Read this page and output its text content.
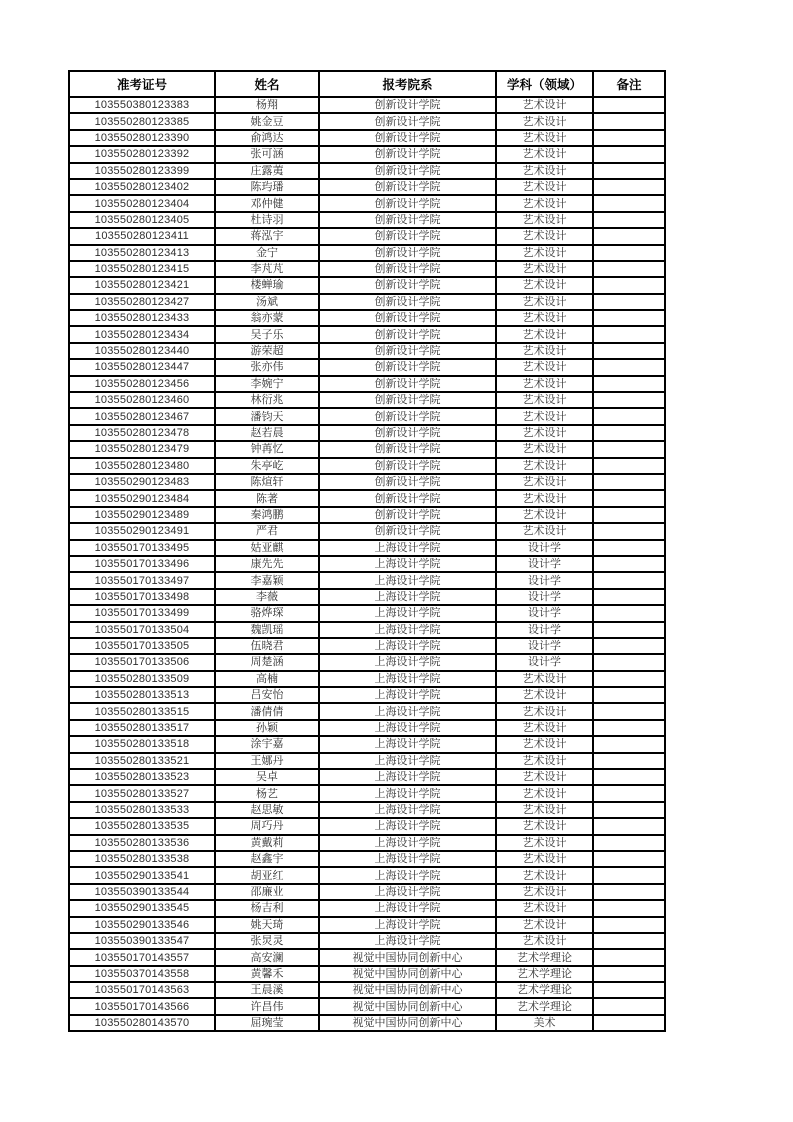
准考证号	姓名	报考院系	学科（领域）	备注
103550380123383	杨翔	创新设计学院	艺术设计	
103550280123385	姚金豆	创新设计学院	艺术设计	
103550280123390	俞鸿达	创新设计学院	艺术设计	
103550280123392	张可涵	创新设计学院	艺术设计	
103550280123399	庄露荑	创新设计学院	艺术设计	
103550280123402	陈玙璠	创新设计学院	艺术设计	
103550280123404	邓仲健	创新设计学院	艺术设计	
103550280123405	杜诗羽	创新设计学院	艺术设计	
103550280123411	蒋泓宇	创新设计学院	艺术设计	
103550280123413	金宁	创新设计学院	艺术设计	
103550280123415	李芃芃	创新设计学院	艺术设计	
103550280123421	楼蝉瑜	创新设计学院	艺术设计	
103550280123427	汤斌	创新设计学院	艺术设计	
103550280123433	翁亦蒙	创新设计学院	艺术设计	
103550280123434	吴子乐	创新设计学院	艺术设计	
103550280123440	游荣超	创新设计学院	艺术设计	
103550280123447	张亦伟	创新设计学院	艺术设计	
103550280123456	李婉宁	创新设计学院	艺术设计	
103550280123460	林衍兆	创新设计学院	艺术设计	
103550280123467	潘钧天	创新设计学院	艺术设计	
103550280123478	赵若晨	创新设计学院	艺术设计	
103550280123479	钟苒忆	创新设计学院	艺术设计	
103550280123480	朱亭屹	创新设计学院	艺术设计	
103550290123483	陈煊轩	创新设计学院	艺术设计	
103550290123484	陈著	创新设计学院	艺术设计	
103550290123489	秦鸿鹏	创新设计学院	艺术设计	
103550290123491	严君	创新设计学院	艺术设计	
103550170133495	姑亚麒	上海设计学院	设计学	
103550170133496	康先先	上海设计学院	设计学	
103550170133497	李嘉颖	上海设计学院	设计学	
103550170133498	李薇	上海设计学院	设计学	
103550170133499	骆烨琛	上海设计学院	设计学	
103550170133504	魏凯瑶	上海设计学院	设计学	
103550170133505	伍晓君	上海设计学院	设计学	
103550170133506	周楚涵	上海设计学院	设计学	
103550280133509	高楠	上海设计学院	艺术设计	
103550280133513	吕安怡	上海设计学院	艺术设计	
103550280133515	潘倩倩	上海设计学院	艺术设计	
103550280133517	孙颖	上海设计学院	艺术设计	
103550280133518	涂宇嘉	上海设计学院	艺术设计	
103550280133521	王娜丹	上海设计学院	艺术设计	
103550280133523	吴卓	上海设计学院	艺术设计	
103550280133527	杨艺	上海设计学院	艺术设计	
103550280133533	赵思敏	上海设计学院	艺术设计	
103550280133535	周巧丹	上海设计学院	艺术设计	
103550280133536	黄戴莉	上海设计学院	艺术设计	
103550280133538	赵鑫宇	上海设计学院	艺术设计	
103550290133541	胡亚红	上海设计学院	艺术设计	
103550390133544	邵廉业	上海设计学院	艺术设计	
103550290133545	杨吉利	上海设计学院	艺术设计	
103550290133546	姚天琦	上海设计学院	艺术设计	
103550390133547	张炅灵	上海设计学院	艺术设计	
103550170143557	高安澜	视觉中国协同创新中心	艺术学理论	
103550370143558	黄馨禾	视觉中国协同创新中心	艺术学理论	
103550170143563	王晨溪	视觉中国协同创新中心	艺术学理论	
103550170143566	许昌伟	视觉中国协同创新中心	艺术学理论	
103550280143570	屈琬莹	视觉中国协同创新中心	美术	
